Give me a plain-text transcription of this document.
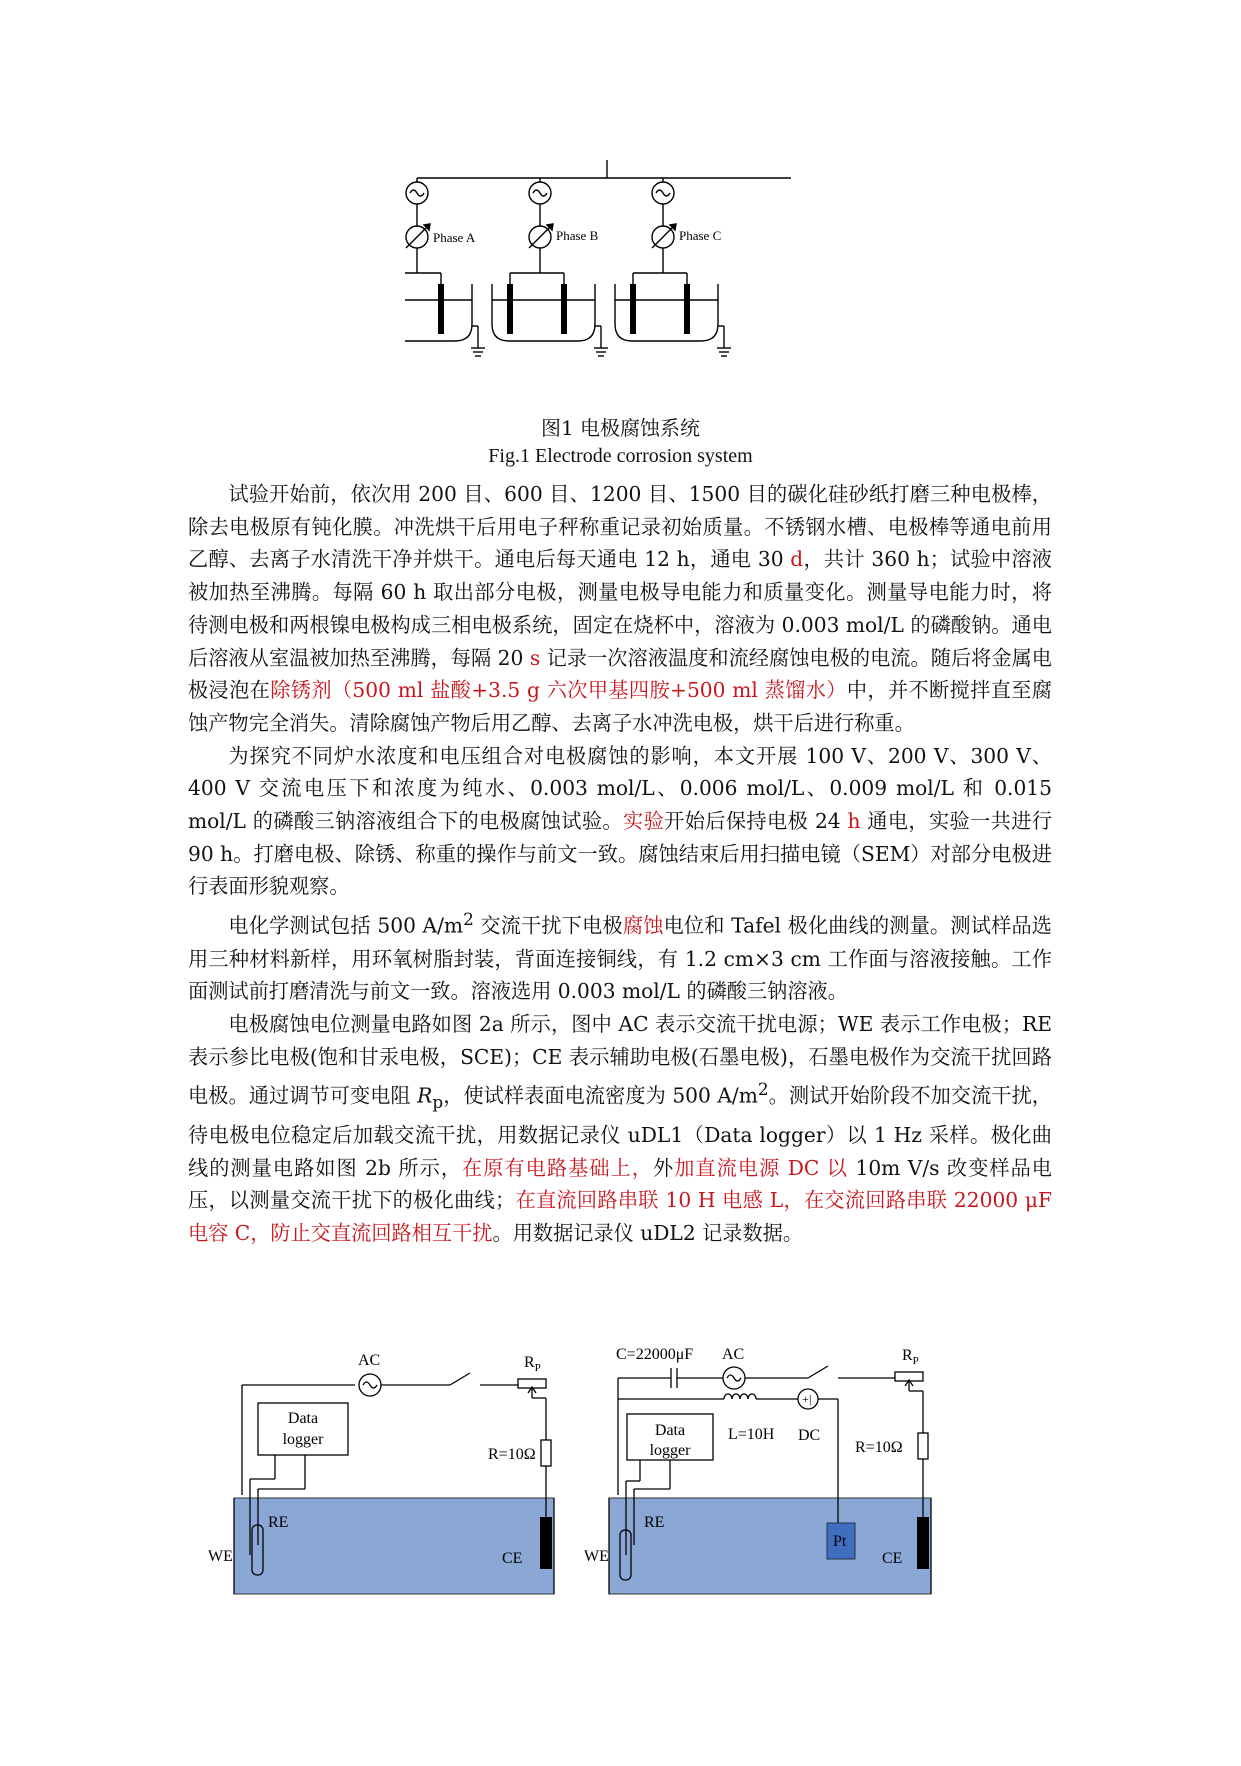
Phase A	Phase B	Phase C
图1 电极腐蚀系统
Fig.1 Electrode corrosion system

试验开始前，依次用 200 目、600 目、1200 目、1500 目的碳化硅砂纸打磨三种电极棒，除去电极原有钝化膜。冲洗烘干后用电子秤称重记录初始质量。不锈钢水槽、电极棒等通电前用乙醇、去离子水清洗干净并烘干。通电后每天通电 12 h，通电 30 d，共计 360 h；试验中溶液被加热至沸腾。每隔 60 h 取出部分电极，测量电极导电能力和质量变化。测量导电能力时，将待测电极和两根镍电极构成三相电极系统，固定在烧杯中，溶液为 0.003 mol/L 的磷酸钠。通电后溶液从室温被加热至沸腾，每隔 20 s 记录一次溶液温度和流经腐蚀电极的电流。随后将金属电极浸泡在除锈剂（500 ml 盐酸+3.5 g 六次甲基四胺+500 ml 蒸馏水）中，并不断搅拌直至腐蚀产物完全消失。清除腐蚀产物后用乙醇、去离子水冲洗电极，烘干后进行称重。

为探究不同炉水浓度和电压组合对电极腐蚀的影响，本文开展 100 V、200 V、300 V、400 V 交流电压下和浓度为纯水、0.003 mol/L、0.006 mol/L、0.009 mol/L 和 0.015 mol/L 的磷酸三钠溶液组合下的电极腐蚀试验。实验开始后保持电极 24 h 通电，实验一共进行 90 h。打磨电极、除锈、称重的操作与前文一致。腐蚀结束后用扫描电镜（SEM）对部分电极进行表面形貌观察。

电化学测试包括 500 $A/m^2$ 交流干扰下电极腐蚀电位和 Tafel 极化曲线的测量。测试样品选用三种材料新样，用环氧树脂封装，背面连接铜线，有 1.2 cm×3 cm 工作面与溶液接触。工作面测试前打磨清洗与前文一致。溶液选用 0.003 mol/L 的磷酸三钠溶液。

电极腐蚀电位测量电路如图 2a 所示，图中 AC 表示交流干扰电源；WE 表示工作电极；RE 表示参比电极(饱和甘汞电极，SCE)；CE 表示辅助电极(石墨电极)，石墨电极作为交流干扰回路电极。通过调节可变电阻 $R_p$，使试样表面电流密度为 500 $A/m^2$。测试开始阶段不加交流干扰，待电极电位稳定后加载交流干扰，用数据记录仪 uDL1（Data logger）以 1 Hz 采样。极化曲线的测量电路如图 2b 所示，在原有电路基础上，外加直流电源 DC 以 10m V/s 改变样品电压，以测量交流干扰下的极化曲线；在直流回路串联 10 H 电感 L，在交流回路串联 22000 μF 电容 C，防止交直流回路相互干扰。用数据记录仪 uDL2 记录数据。

AC	$R_P$
Data
logger
R=10Ω
RE
WE	CE
+ |
C=22000μF AC	$R_P$
L=10H DC
Data
logger	R=10Ω
RE
WE
Pt
CE
